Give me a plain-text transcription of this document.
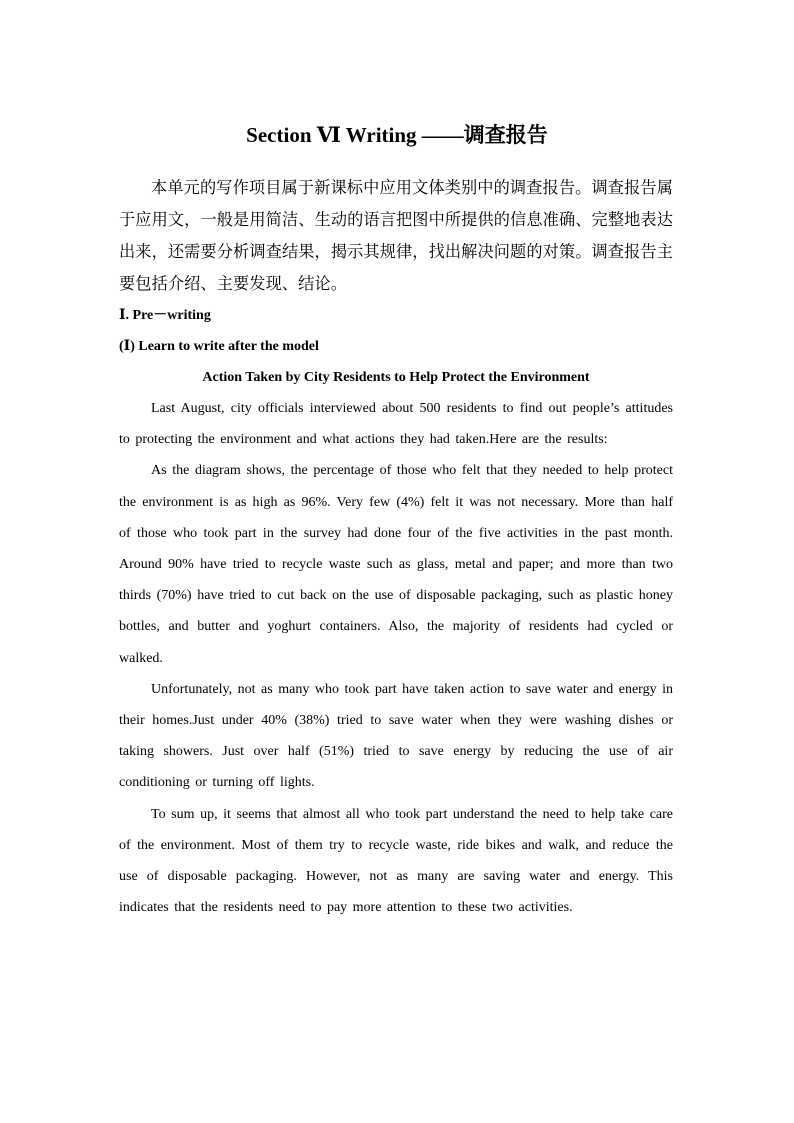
Section Ⅵ Writing ——调查报告

本单元的写作项目属于新课标中应用文体类别中的调查报告。调查报告属于应用文，一般是用简洁、生动的语言把图中所提供的信息准确、完整地表达出来，还需要分析调查结果，揭示其规律，找出解决问题的对策。调查报告主要包括介绍、主要发现、结论。

Ⅰ. Pre－writing

(Ⅰ) Learn to write after the model

Action Taken by City Residents to Help Protect the Environment

Last August, city officials interviewed about 500 residents to find out people’s attitudes to protecting the environment and what actions they had taken.Here are the results:

As the diagram shows, the percentage of those who felt that they needed to help protect the environment is as high as 96%. Very few (4%) felt it was not necessary. More than half of those who took part in the survey had done four of the five activities in the past month. Around 90% have tried to recycle waste such as glass, metal and paper; and more than two thirds (70%) have tried to cut back on the use of disposable packaging, such as plastic honey bottles, and butter and yoghurt containers. Also, the majority of residents had cycled or walked.

Unfortunately, not as many who took part have taken action to save water and energy in their homes.Just under 40% (38%) tried to save water when they were washing dishes or taking showers. Just over half (51%) tried to save energy by reducing the use of air conditioning or turning off lights.

To sum up, it seems that almost all who took part understand the need to help take care of the environment. Most of them try to recycle waste, ride bikes and walk, and reduce the use of disposable packaging. However, not as many are saving water and energy. This indicates that the residents need to pay more attention to these two activities.
